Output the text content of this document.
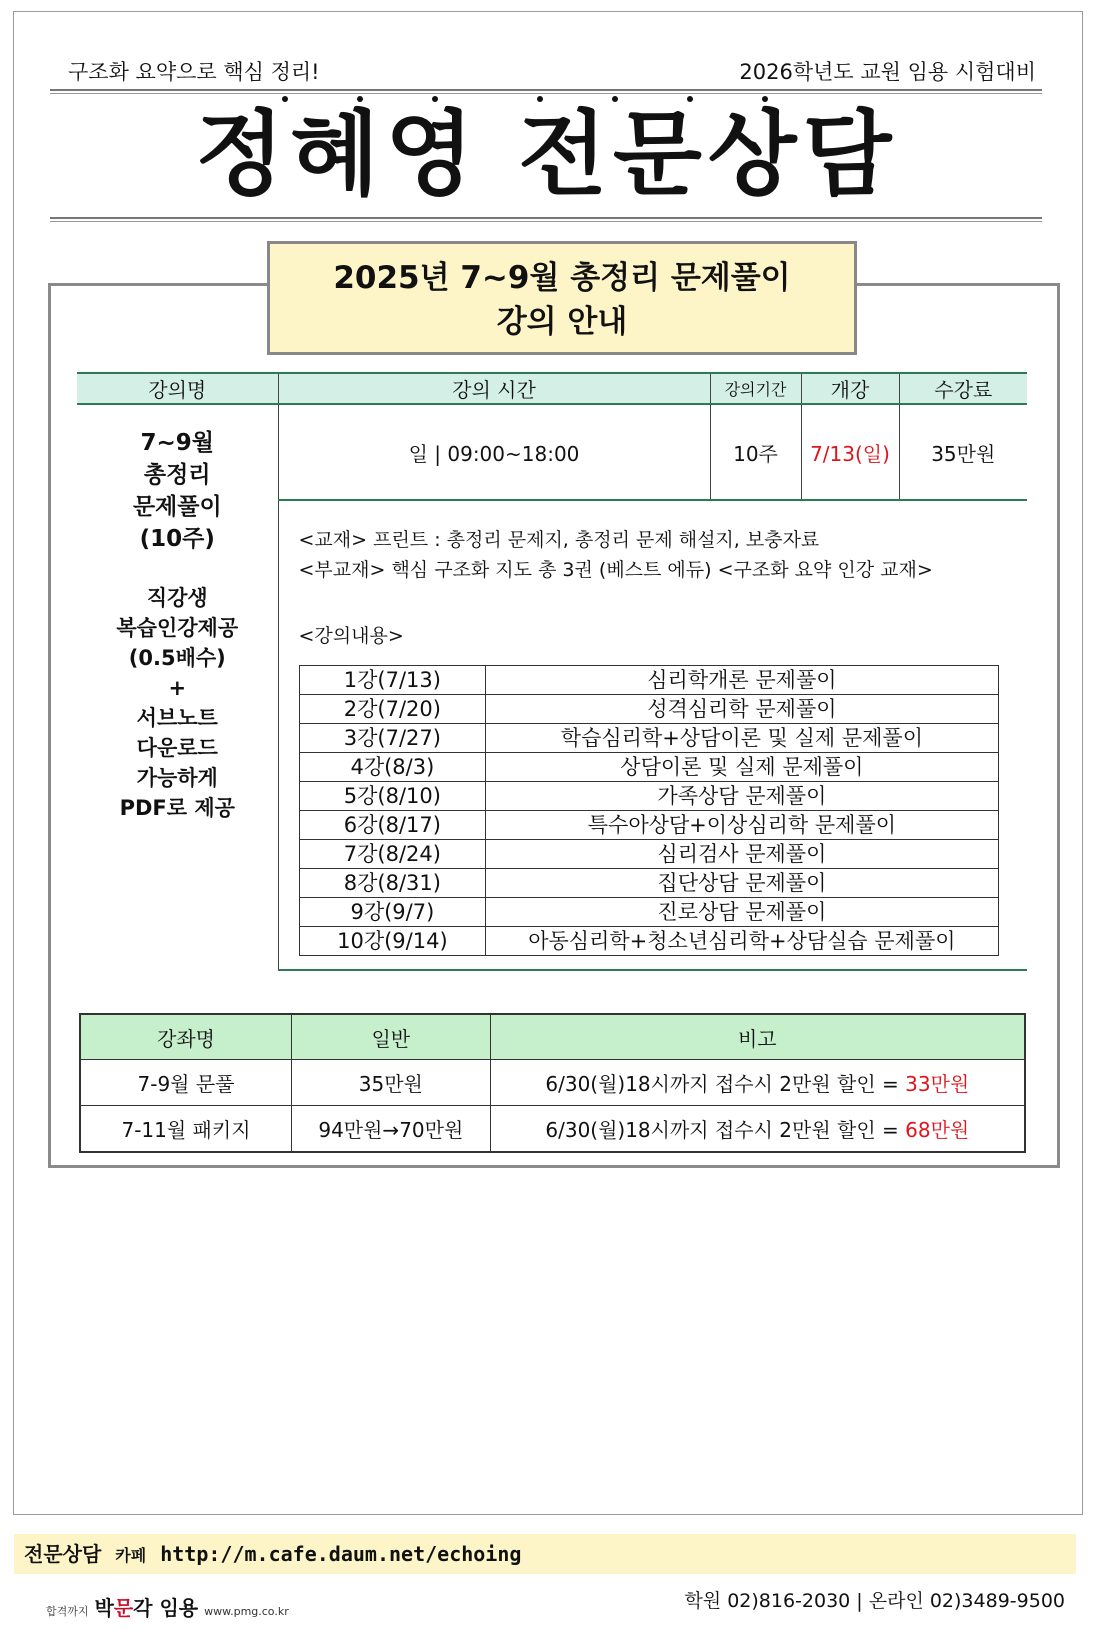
구조화 요약으로 핵심 정리!	2026학년도 교원 임용 시험대비
정혜영 전문상담
2025년 7~9월 총정리 문제풀이
강의 안내
강의명	강의 시간	강의기간	개강	수강료

7~9월
총정리
문제풀이
(10주)
직강생
복습인강제공
(0.5배수)
+
서브노트
다운로드
가능하게
PDF로 제공
	일 | 09:00~18:00	10주	7/13(일)	35만원

<교재> 프린트 : 총정리 문제지, 총정리 문제 해설지, 보충자료
<부교재> 핵심 구조화 지도 총 3권 (베스트 에듀) <구조화 요약 인강 교재>
<강의내용>
1강(7/13)	심리학개론 문제풀이
2강(7/20)	성격심리학 문제풀이
3강(7/27)	학습심리학+상담이론 및 실제 문제풀이
4강(8/3)	상담이론 및 실제 문제풀이
5강(8/10)	가족상담 문제풀이
6강(8/17)	특수아상담+이상심리학 문제풀이
7강(8/24)	심리검사 문제풀이
8강(8/31)	집단상담 문제풀이
9강(9/7)	진로상담 문제풀이
10강(9/14)	아동심리학+청소년심리학+상담실습 문제풀이
강좌명	일반	비고
7-9월 문풀	35만원	6/30(월)18시까지 접수시 2만원 할인 = 33만원
7-11월 패키지	94만원→70만원	6/30(월)18시까지 접수시 2만원 할인 = 68만원
전문상담 카페 http://m.cafe.daum.net/echoing
합격까지 박문각 임용 www.pmg.co.kr	학원 02)816-2030 | 온라인 02)3489-9500
